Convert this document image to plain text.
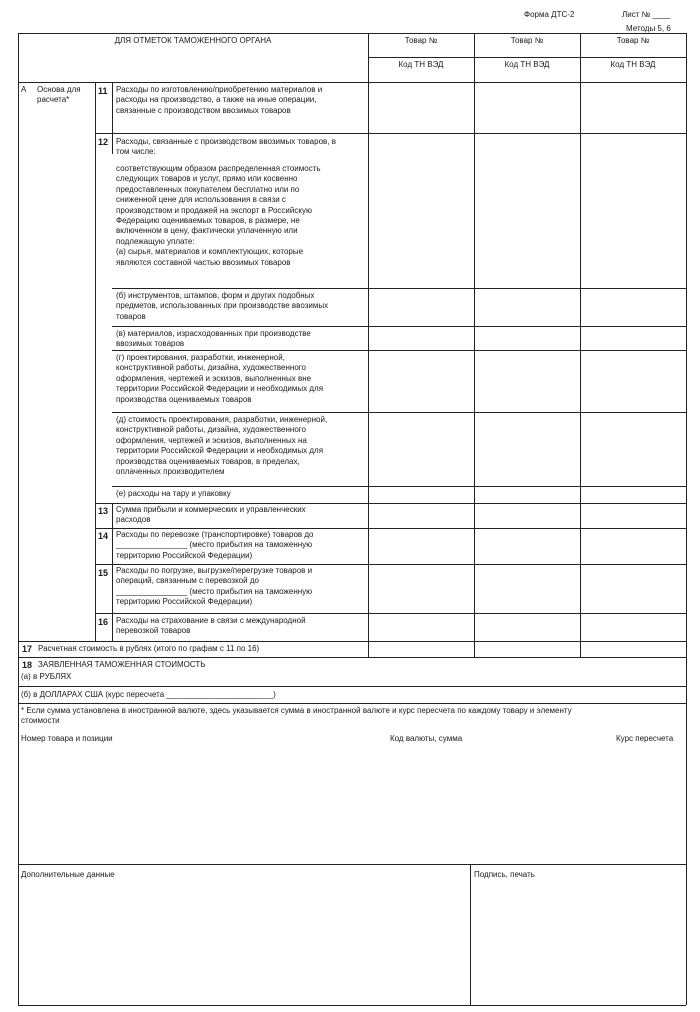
Форма ДТС-2	Лист № ____
Методы 5, 6
ДЛЯ ОТМЕТОК ТАМОЖЕННОГО ОРГАНА	Товар №	Товар №	Товар №
Код ТН ВЭД	Код ТН ВЭД	Код ТН ВЭД
А Основа для
расчета*
11 Расходы по изготовлению/приобретению материалов и
расходы на производство, а также на иные операции,
связанные с производством ввозимых товаров
12 Расходы, связанные с производством ввозимых товаров, в
том числе:
соответствующим образом распределенная стоимость
следующих товаров и услуг, прямо или косвенно
предоставленных покупателем бесплатно или по
сниженной цене для использования в связи с
производством и продажей на экспорт в Российскую
Федерацию оцениваемых товаров, в размере, не
включенном в цену, фактически уплаченную или
подлежащую уплате:
(а) сырья, материалов и комплектующих, которые
являются составной частью ввозимых товаров
(б) инструментов, штампов, форм и других подобных
предметов, использованных при производстве ввозимых
товаров
(в) материалов, израсходованных при производстве
ввозимых товаров
(г) проектирования, разработки, инженерной,
конструктивной работы, дизайна, художественного
оформления, чертежей и эскизов, выполненных вне
территории Российской Федерации и необходимых для
производства оцениваемых товаров
(д) стоимость проектирования, разработки, инженерной,
конструктивной работы, дизайна, художественного
оформления, чертежей и эскизов, выполненных на
территории Российской Федерации и необходимых для
производства оцениваемых товаров, в пределах,
оплаченных производителем
(е) расходы на тару и упаковку
13 Сумма прибыли и коммерческих и управленческих
расходов
14 Расходы по перевозке (транспортировке) товаров до
________________ (место прибытия на таможенную
территорию Российской Федерации)
15 Расходы по погрузке, выгрузке/перегрузке товаров и
операций, связанным с перевозкой до
________________ (место прибытия на таможенную
территорию Российской Федерации)
16 Расходы на страхование в связи с международной
перевозкой товаров
17 Расчетная стоимость в рублях (итого по графам с 11 по 16)
18 ЗАЯВЛЕННАЯ ТАМОЖЕННАЯ СТОИМОСТЬ
(а) в РУБЛЯХ
(б) в ДОЛЛАРАХ США (курс пересчета ________________________)
* Если сумма установлена в иностранной валюте, здесь указывается сумма в иностранной валюте и курс пересчета по каждому товару и элементу
стоимости
Номер товара и позиции	Код валюты, сумма	Курс пересчета
Дополнительные данные	Подпись, печать
